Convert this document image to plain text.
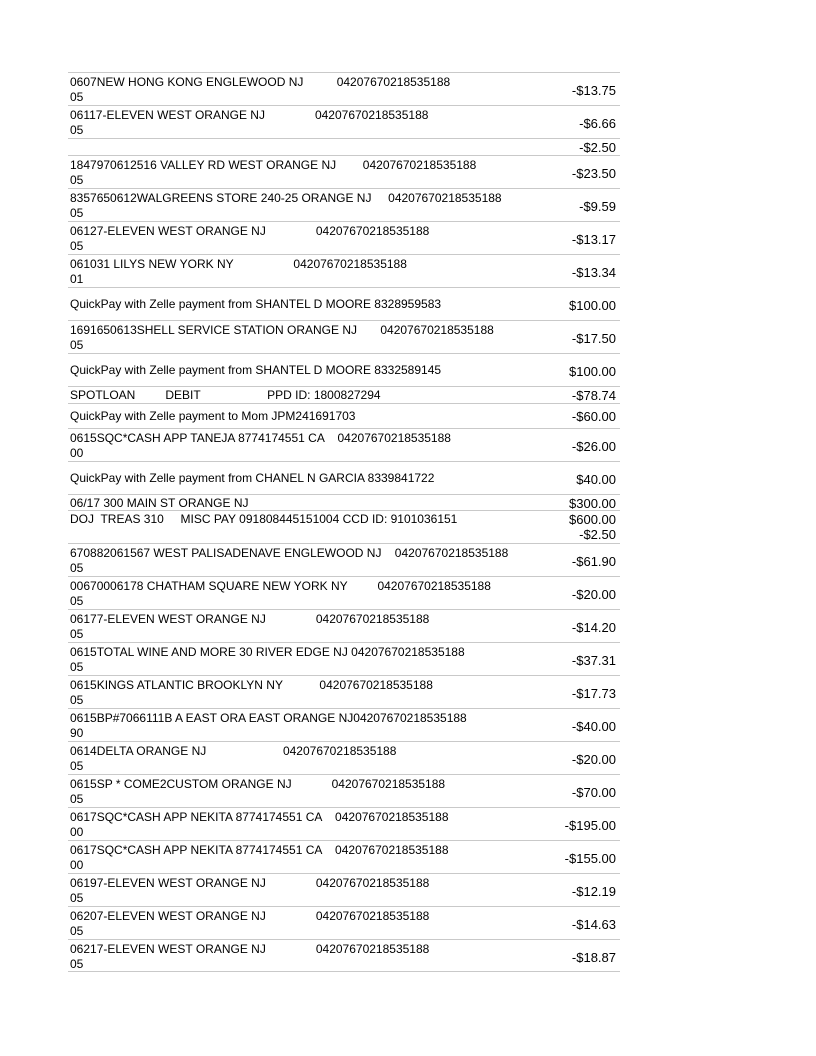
0607NEW HONG KONG ENGLEWOOD NJ          04207670218535188
05	-$13.75
06117-ELEVEN WEST ORANGE NJ               04207670218535188
05	-$6.66
-$2.50
1847970612516 VALLEY RD WEST ORANGE NJ        04207670218535188
05	-$23.50
8357650612WALGREENS STORE 240-25 ORANGE NJ     04207670218535188
05	-$9.59
06127-ELEVEN WEST ORANGE NJ               04207670218535188
05	-$13.17
061031 LILYS NEW YORK NY                  04207670218535188
01	-$13.34
QuickPay with Zelle payment from SHANTEL D MOORE 8328959583	$100.00
1691650613SHELL SERVICE STATION ORANGE NJ       04207670218535188
05	-$17.50
QuickPay with Zelle payment from SHANTEL D MOORE 8332589145	$100.00
SPOTLOAN         DEBIT                    PPD ID: 1800827294	-$78.74
QuickPay with Zelle payment to Mom JPM241691703	-$60.00
0615SQC*CASH APP TANEJA 8774174551 CA    04207670218535188
00	-$26.00
QuickPay with Zelle payment from CHANEL N GARCIA 8339841722	$40.00
06/17 300 MAIN ST ORANGE NJ	$300.00
DOJ  TREAS 310     MISC PAY 091808445151004 CCD ID: 9101036151	$600.00
-$2.50
670882061567 WEST PALISADENAVE ENGLEWOOD NJ    04207670218535188
05	-$61.90
00670006178 CHATHAM SQUARE NEW YORK NY         04207670218535188
05	-$20.00
06177-ELEVEN WEST ORANGE NJ               04207670218535188
05	-$14.20
0615TOTAL WINE AND MORE 30 RIVER EDGE NJ 04207670218535188
05	-$37.31
0615KINGS ATLANTIC BROOKLYN NY           04207670218535188
05	-$17.73
0615BP#7066111B A EAST ORA EAST ORANGE NJ04207670218535188
90	-$40.00
0614DELTA ORANGE NJ                       04207670218535188
05	-$20.00
0615SP * COME2CUSTOM ORANGE NJ            04207670218535188
05	-$70.00
0617SQC*CASH APP NEKITA 8774174551 CA    04207670218535188
00	-$195.00
0617SQC*CASH APP NEKITA 8774174551 CA    04207670218535188
00	-$155.00
06197-ELEVEN WEST ORANGE NJ               04207670218535188
05	-$12.19
06207-ELEVEN WEST ORANGE NJ               04207670218535188
05	-$14.63
06217-ELEVEN WEST ORANGE NJ               04207670218535188
05	-$18.87
